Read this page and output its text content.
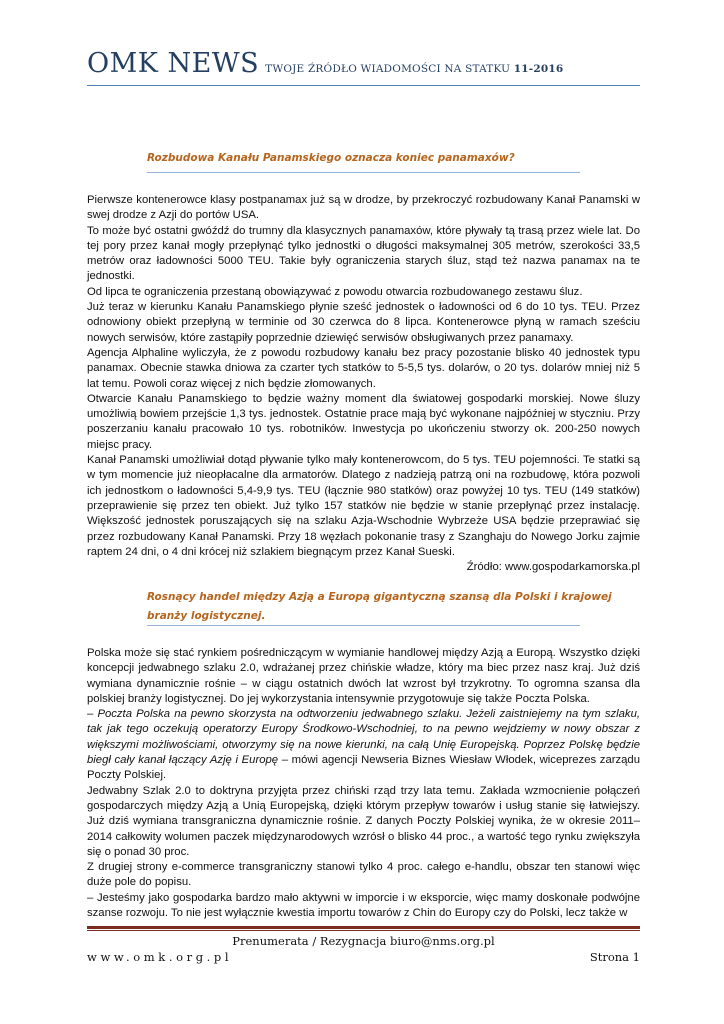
OMK NEWS TWOJE ŹRÓDŁO WIADOMOŚCI NA STATKU 11-2016
Rozbudowa Kanału Panamskiego oznacza koniec panamaxów?

Pierwsze kontenerowce klasy postpanamax już są w drodze, by przekroczyć rozbudowany Kanał Panamski w swej drodze z Azji do portów USA.

To może być ostatni gwóźdź do trumny dla klasycznych panamaxów, które pływały tą trasą przez wiele lat. Do tej pory przez kanał mogły przepłynąć tylko jednostki o długości maksymalnej 305 metrów, szerokości 33,5 metrów oraz ładowności 5000 TEU. Takie były ograniczenia starych śluz, stąd też nazwa panamax na te jednostki.

Od lipca te ograniczenia przestaną obowiązywać z powodu otwarcia rozbudowanego zestawu śluz.

Już teraz w kierunku Kanału Panamskiego płynie sześć jednostek o ładowności od 6 do 10 tys. TEU. Przez odnowiony obiekt przepłyną w terminie od 30 czerwca do 8 lipca. Kontenerowce płyną w ramach sześciu nowych serwisów, które zastąpiły poprzednie dziewięć serwisów obsługiwanych przez panamaxy.

Agencja Alphaline wyliczyła, że z powodu rozbudowy kanału bez pracy pozostanie blisko 40 jednostek typu panamax. Obecnie stawka dniowa za czarter tych statków to 5-5,5 tys. dolarów, o 20 tys. dolarów mniej niż 5 lat temu. Powoli coraz więcej z nich będzie złomowanych.

Otwarcie Kanału Panamskiego to będzie ważny moment dla światowej gospodarki morskiej. Nowe śluzy umożliwią bowiem przejście 1,3 tys. jednostek. Ostatnie prace mają być wykonane najpóźniej w styczniu. Przy poszerzaniu kanału pracowało 10 tys. robotników. Inwestycja po ukończeniu stworzy ok. 200-250 nowych miejsc pracy.

Kanał Panamski umożliwiał dotąd pływanie tylko mały kontenerowcom, do 5 tys. TEU pojemności. Te statki są w tym momencie już nieopłacalne dla armatorów. Dlatego z nadzieją patrzą oni na rozbudowę, która pozwoli ich jednostkom o ładowności 5,4-9,9 tys. TEU (łącznie 980 statków) oraz powyżej 10 tys. TEU (149 statków) przeprawienie się przez ten obiekt. Już tylko 157 statków nie będzie w stanie przepłynąć przez instalację. Większość jednostek poruszających się na szlaku Azja-Wschodnie Wybrzeże USA będzie przeprawiać się przez rozbudowany Kanał Panamski. Przy 18 węzłach pokonanie trasy z Szanghaju do Nowego Jorku zajmie raptem 24 dni, o 4 dni krócej niż szlakiem biegnącym przez Kanał Sueski.

Źródło: www.gospodarkamorska.pl

Rosnący handel między Azją a Europą gigantyczną szansą dla Polski i krajowej
branży logistycznej.

Polska może się stać rynkiem pośredniczącym w wymianie handlowej między Azją a Europą. Wszystko dzięki koncepcji jedwabnego szlaku 2.0, wdrażanej przez chińskie władze, który ma biec przez nasz kraj. Już dziś wymiana dynamicznie rośnie – w ciągu ostatnich dwóch lat wzrost był trzykrotny. To ogromna szansa dla polskiej branży logistycznej. Do jej wykorzystania intensywnie przygotowuje się także Poczta Polska.

– Poczta Polska na pewno skorzysta na odtworzeniu jedwabnego szlaku. Jeżeli zaistniejemy na tym szlaku, tak jak tego oczekują operatorzy Europy Środkowo-Wschodniej, to na pewno wejdziemy w nowy obszar z większymi możliwościami, otworzymy się na nowe kierunki, na całą Unię Europejską. Poprzez Polskę będzie biegł cały kanał łączący Azję i Europę – mówi agencji Newseria Biznes Wiesław Włodek, wiceprezes zarządu Poczty Polskiej.

Jedwabny Szlak 2.0 to doktryna przyjęta przez chiński rząd trzy lata temu. Zakłada wzmocnienie połączeń gospodarczych między Azją a Unią Europejską, dzięki którym przepływ towarów i usług stanie się łatwiejszy. Już dziś wymiana transgraniczna dynamicznie rośnie. Z danych Poczty Polskiej wynika, że w okresie 2011–2014 całkowity wolumen paczek międzynarodowych wzrósł o blisko 44 proc., a wartość tego rynku zwiększyła się o ponad 30 proc.

Z drugiej strony e-commerce transgraniczny stanowi tylko 4 proc. całego e-handlu, obszar ten stanowi więc duże pole do popisu.

– Jesteśmy jako gospodarka bardzo mało aktywni w imporcie i w eksporcie, więc mamy doskonałe podwójne szanse rozwoju. To nie jest wyłącznie kwestia importu towarów z Chin do Europy czy do Polski, lecz także w

Prenumerata / Rezygnacja biuro@nms.org.pl
www.omk.org.pl	Strona 1
